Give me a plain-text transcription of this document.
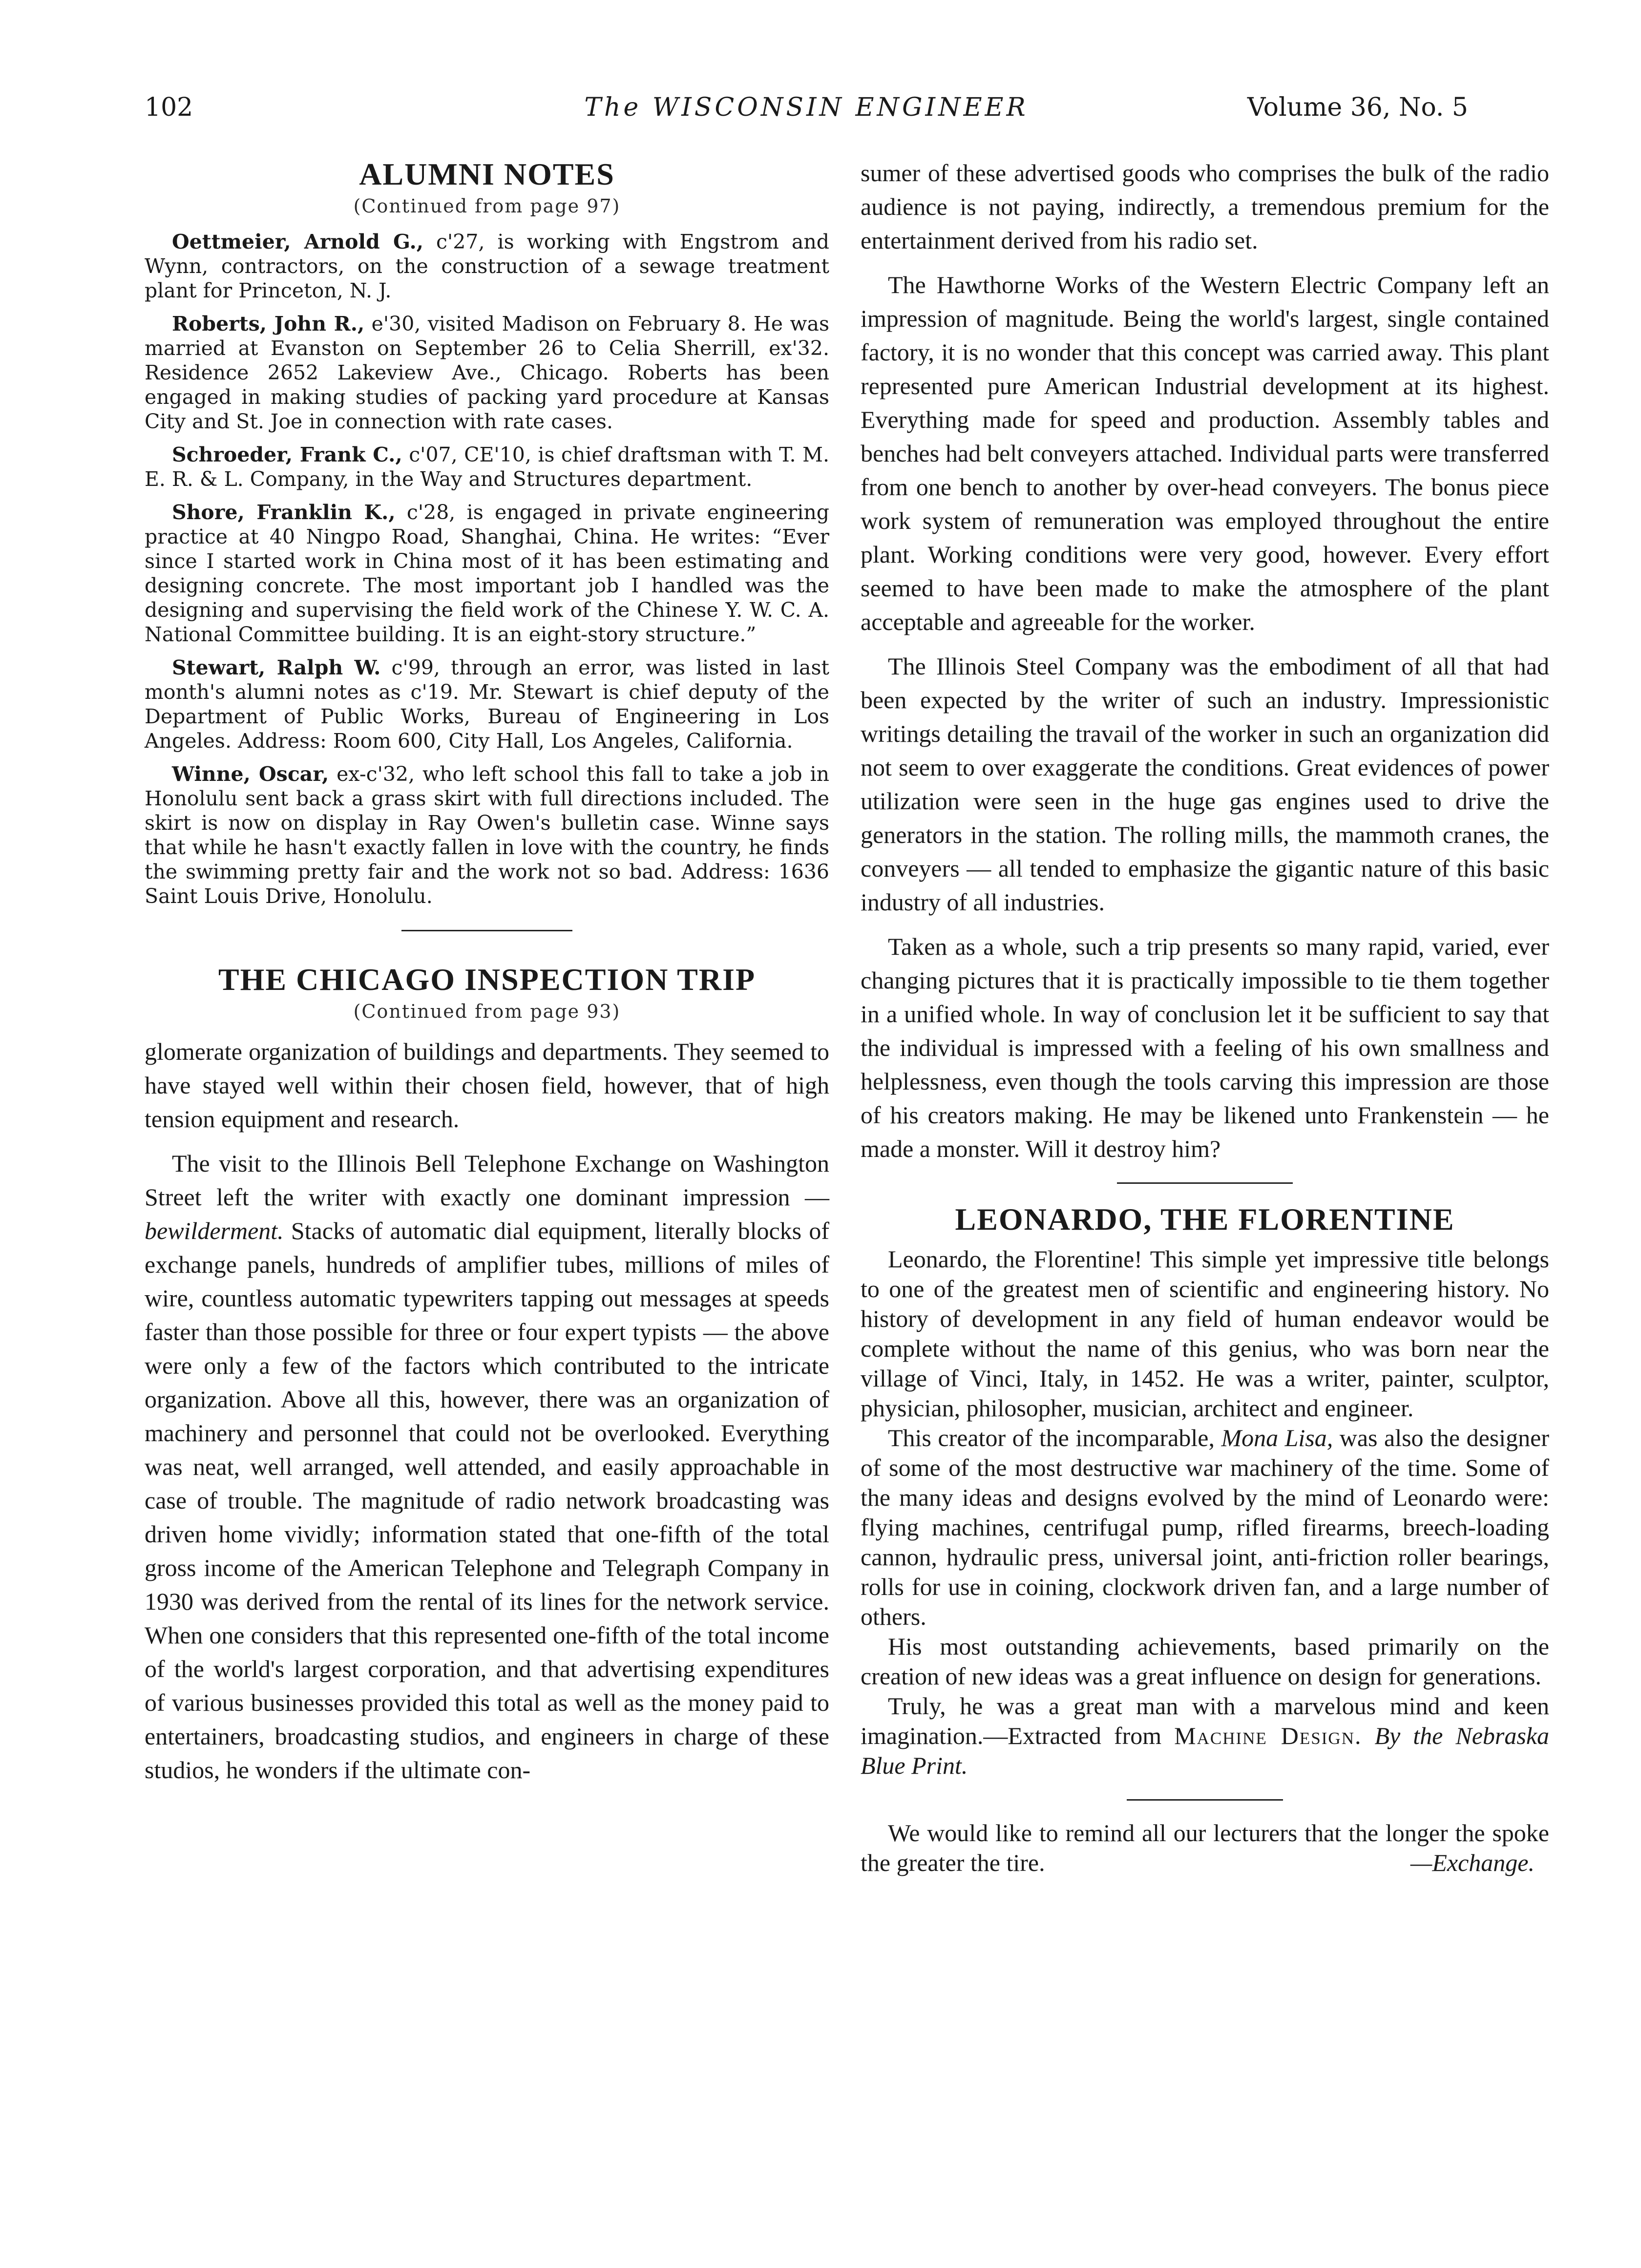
102	The WISCONSIN ENGINEER	Volume 36, No. 5
ALUMNI NOTES
(Continued from page 97)

Oettmeier, Arnold G., c'27, is working with Engstrom and Wynn, contractors, on the construction of a sewage treatment plant for Princeton, N. J.

Roberts, John R., e'30, visited Madison on February 8. He was married at Evanston on September 26 to Celia Sherrill, ex'32. Residence 2652 Lakeview Ave., Chicago. Roberts has been engaged in making studies of packing yard procedure at Kansas City and St. Joe in connection with rate cases.

Schroeder, Frank C., c'07, CE'10, is chief draftsman with T. M. E. R. & L. Company, in the Way and Structures department.

Shore, Franklin K., c'28, is engaged in private engineering practice at 40 Ningpo Road, Shanghai, China. He writes: “Ever since I started work in China most of it has been estimating and designing concrete. The most important job I handled was the designing and supervising the field work of the Chinese Y. W. C. A. National Committee building. It is an eight-story structure.”

Stewart, Ralph W. c'99, through an error, was listed in last month's alumni notes as c'19. Mr. Stewart is chief deputy of the Department of Public Works, Bureau of Engineering in Los Angeles. Address: Room 600, City Hall, Los Angeles, California.

Winne, Oscar, ex-c'32, who left school this fall to take a job in Honolulu sent back a grass skirt with full directions included. The skirt is now on display in Ray Owen's bulletin case. Winne says that while he hasn't exactly fallen in love with the country, he finds the swimming pretty fair and the work not so bad. Address: 1636 Saint Louis Drive, Honolulu.

THE CHICAGO INSPECTION TRIP
(Continued from page 93)

glomerate organization of buildings and departments. They seemed to have stayed well within their chosen field, however, that of high tension equipment and research.

The visit to the Illinois Bell Telephone Exchange on Washington Street left the writer with exactly one dominant impression — bewilderment. Stacks of automatic dial equipment, literally blocks of exchange panels, hundreds of amplifier tubes, millions of miles of wire, countless automatic typewriters tapping out messages at speeds faster than those possible for three or four expert typists — the above were only a few of the factors which contributed to the intricate organization. Above all this, however, there was an organization of machinery and personnel that could not be overlooked. Everything was neat, well arranged, well attended, and easily approachable in case of trouble. The magnitude of radio network broadcasting was driven home vividly; information stated that one-fifth of the total gross income of the American Telephone and Telegraph Company in 1930 was derived from the rental of its lines for the network service. When one considers that this represented one-fifth of the total income of the world's largest corporation, and that advertising expenditures of various businesses provided this total as well as the money paid to entertainers, broadcasting studios, and engineers in charge of these studios, he wonders if the ultimate con-

sumer of these advertised goods who comprises the bulk of the radio audience is not paying, indirectly, a tremendous premium for the entertainment derived from his radio set.

The Hawthorne Works of the Western Electric Company left an impression of magnitude. Being the world's largest, single contained factory, it is no wonder that this concept was carried away. This plant represented pure American Industrial development at its highest. Everything made for speed and production. Assembly tables and benches had belt conveyers attached. Individual parts were transferred from one bench to another by over-head conveyers. The bonus piece work system of remuneration was employed throughout the entire plant. Working conditions were very good, however. Every effort seemed to have been made to make the atmosphere of the plant acceptable and agreeable for the worker.

The Illinois Steel Company was the embodiment of all that had been expected by the writer of such an industry. Impressionistic writings detailing the travail of the worker in such an organization did not seem to over exaggerate the conditions. Great evidences of power utilization were seen in the huge gas engines used to drive the generators in the station. The rolling mills, the mammoth cranes, the conveyers — all tended to emphasize the gigantic nature of this basic industry of all industries.

Taken as a whole, such a trip presents so many rapid, varied, ever changing pictures that it is practically impossible to tie them together in a unified whole. In way of conclusion let it be sufficient to say that the individual is impressed with a feeling of his own smallness and helplessness, even though the tools carving this impression are those of his creators making. He may be likened unto Frankenstein — he made a monster. Will it destroy him?

LEONARDO, THE FLORENTINE

Leonardo, the Florentine! This simple yet impressive title belongs to one of the greatest men of scientific and engineering history. No history of development in any field of human endeavor would be complete without the name of this genius, who was born near the village of Vinci, Italy, in 1452. He was a writer, painter, sculptor, physician, philosopher, musician, architect and engineer.

This creator of the incomparable, Mona Lisa, was also the designer of some of the most destructive war machinery of the time. Some of the many ideas and designs evolved by the mind of Leonardo were: flying machines, centrifugal pump, rifled firearms, breech-loading cannon, hydraulic press, universal joint, anti-friction roller bearings, rolls for use in coining, clockwork driven fan, and a large number of others.

His most outstanding achievements, based primarily on the creation of new ideas was a great influence on design for generations.

Truly, he was a great man with a marvelous mind and keen imagination.—Extracted from Machine Design. By the Nebraska Blue Print.

We would like to remind all our lecturers that the longer the spoke the greater the tire.	—Exchange.
